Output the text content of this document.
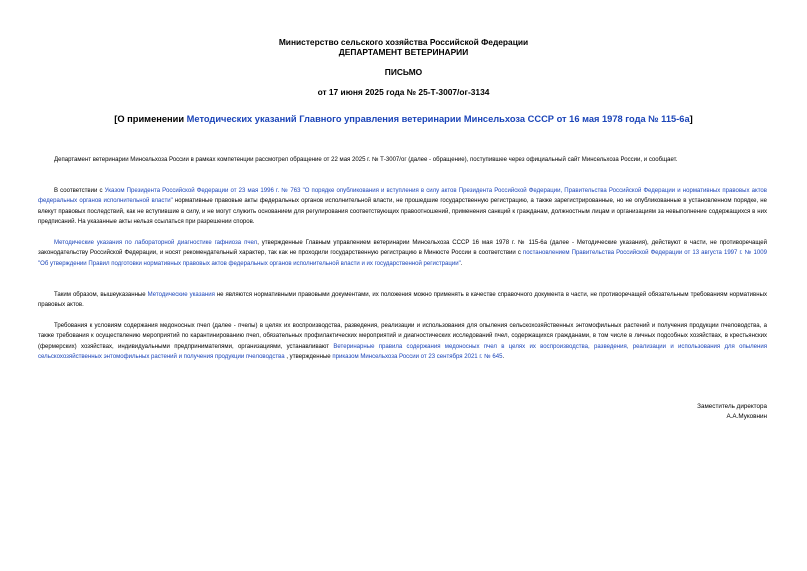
Министерство сельского хозяйства Российской Федерации
ДЕПАРТАМЕНТ ВЕТЕРИНАРИИ
ПИСЬМО
от 17 июня 2025 года № 25-Т-3007/ог-3134
[О применении Методических указаний Главного управления ветеринарии Минсельхоза СССР от 16 мая 1978 года № 115-6а]
Департамент ветеринарии Минсельхоза России в рамках компетенции рассмотрел обращение от 22 мая 2025 г. № Т-3007/ог (далее - обращение), поступившее через официальный сайт Минсельхоза России, и сообщает.
В соответствии с Указом Президента Российской Федерации от 23 мая 1996 г. № 763 "О порядке опубликования и вступления в силу актов Президента Российской Федерации, Правительства Российской Федерации и нормативных правовых актов федеральных органов исполнительной власти" нормативные правовые акты федеральных органов исполнительной власти, не прошедшие государственную регистрацию, а также зарегистрированные, но не опубликованные в установленном порядке, не влекут правовых последствий, как не вступившие в силу, и не могут служить основанием для регулирования соответствующих правоотношений, применения санкций к гражданам, должностным лицам и организациям за невыполнение содержащихся в них предписаний. На указанные акты нельзя ссылаться при разрешении споров.
Методические указания по лабораторной диагностике гафниоза пчел, утвержденные Главным управлением ветеринарии Минсельхоза СССР 16 мая 1978 г. № 115-6а (далее - Методические указания), действуют в части, не противоречащей законодательству Российской Федерации, и носят рекомендательный характер, так как не проходили государственную регистрацию в Минюсте России в соответствии с постановлением Правительства Российской Федерации от 13 августа 1997 г. № 1009 "Об утверждении Правил подготовки нормативных правовых актов федеральных органов исполнительной власти и их государственной регистрации".
Таким образом, вышеуказанные Методические указания не являются нормативными правовыми документами, их положения можно применять в качестве справочного документа в части, не противоречащей обязательным требованиям нормативных правовых актов.
Требования к условиям содержания медоносных пчел (далее - пчелы) в целях их воспроизводства, разведения, реализации и использования для опыления сельскохозяйственных энтомофильных растений и получения продукции пчеловодства, а также требования к осуществлению мероприятий по карантинированию пчел, обязательных профилактических мероприятий и диагностических исследований пчел, содержащихся гражданами, в том числе в личных подсобных хозяйствах, в крестьянских (фермерских) хозяйствах, индивидуальными предпринимателями, организациями, устанавливают Ветеринарные правила содержания медоносных пчел в целях их воспроизводства, разведения, реализации и использования для опыления сельскохозяйственных энтомофильных растений и получения продукции пчеловодства , утвержденные приказом Минсельхоза России от 23 сентября 2021 г. № 645.
Заместитель директора
А.А.Муковнин
